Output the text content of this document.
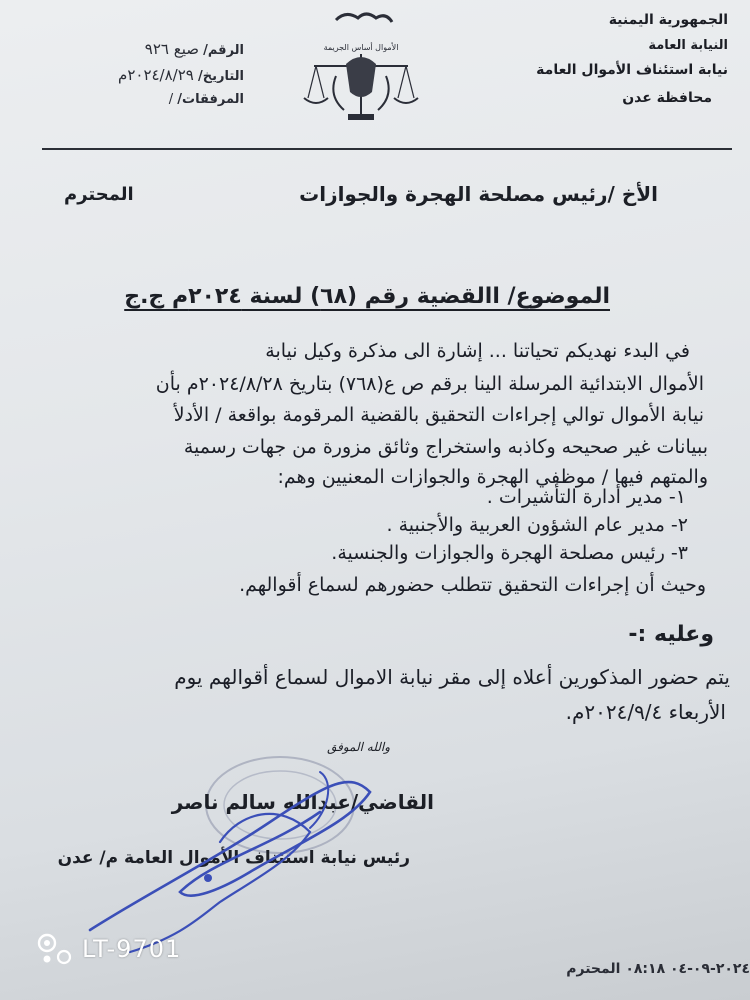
الجمهورية اليمنية
النيابة العامة
نيابة استئناف الأموال العامة
محافظة عدن
الرقم/ صيع ٩٢٦
التاريخ/ ٢٠٢٤/٨/٢٩م
المرفقات/ /
الأموال أساس الجريمة
الأخ /رئيس مصلحة الهجرة والجوازات
المحترم
الموضوع/ االقضية رقم (٦٨) لسنة ٢٠٢٤م ج.ج
في البدء نهديكم تحياتنا ... إشارة الى مذكرة وكيل نيابة
الأموال الابتدائية المرسلة الينا برقم ص ع(٧٦٨) بتاريخ ٢٠٢٤/٨/٢٨م بأن
نيابة الأموال توالي إجراءات التحقيق بالقضية المرقومة بواقعة / الأدلأ
ببيانات غير صحيحه وكاذبه واستخراج وثائق مزورة من جهات رسمية
والمتهم فيها / موظفي الهجرة والجوازات المعنيين وهم:
١- مدير أدارة التأشيرات .
٢- مدير عام الشؤون العربية والأجنبية .
٣- رئيس مصلحة الهجرة والجوازات والجنسية.
وحيث أن إجراءات التحقيق تتطلب حضورهم لسماع أقوالهم.
وعليه :-
يتم حضور المذكورين أعلاه إلى مقر نيابة الاموال لسماع أقوالهم يوم
الأربعاء ٢٠٢٤/٩/٤م.
والله الموفق
القاضي/عبدالله سالم ناصر
رئيس نيابة استئناف الأموال العامة م/ عدن
LT-9701
٢٠٢٤-٠٩-٠٤ ٠٨:١٨ المحترم
